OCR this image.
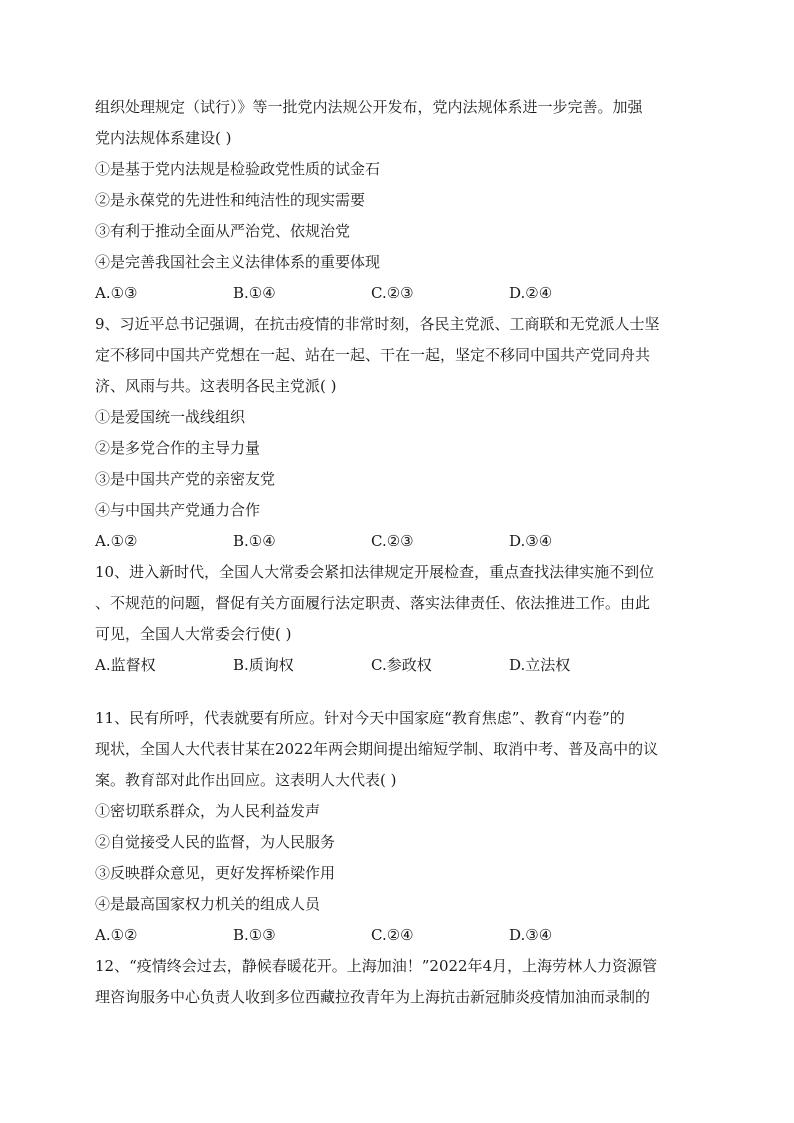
组织处理规定（试行）》等一批党内法规公开发布，党内法规体系进一步完善。加强
党内法规体系建设( )
①是基于党内法规是检验政党性质的试金石
②是永葆党的先进性和纯洁性的现实需要
③有利于推动全面从严治党、依规治党
④是完善我国社会主义法律体系的重要体现
A.①③	B.①④	C.②③	D.②④
9、习近平总书记强调，在抗击疫情的非常时刻，各民主党派、工商联和无党派人士坚
定不移同中国共产党想在一起、站在一起、干在一起，坚定不移同中国共产党同舟共
济、风雨与共。这表明各民主党派( )
①是爱国统一战线组织
②是多党合作的主导力量
③是中国共产党的亲密友党
④与中国共产党通力合作
A.①②	B.①④	C.②③	D.③④
10、进入新时代，全国人大常委会紧扣法律规定开展检查，重点查找法律实施不到位
、不规范的问题，督促有关方面履行法定职责、落实法律责任、依法推进工作。由此
可见，全国人大常委会行使( )
A.监督权	B.质询权	C.参政权	D.立法权
11、民有所呼，代表就要有所应。针对今天中国家庭“教育焦虑”、教育“内卷”的
现状，全国人大代表甘某在2022年两会期间提出缩短学制、取消中考、普及高中的议
案。教育部对此作出回应。这表明人大代表( )
①密切联系群众，为人民利益发声
②自觉接受人民的监督，为人民服务
③反映群众意见，更好发挥桥梁作用
④是最高国家权力机关的组成人员
A.①②	B.①③	C.②④	D.③④
12、“疫情终会过去，静候春暖花开。上海加油！”2022年4月，上海劳林人力资源管
理咨询服务中心负责人收到多位西藏拉孜青年为上海抗击新冠肺炎疫情加油而录制的
